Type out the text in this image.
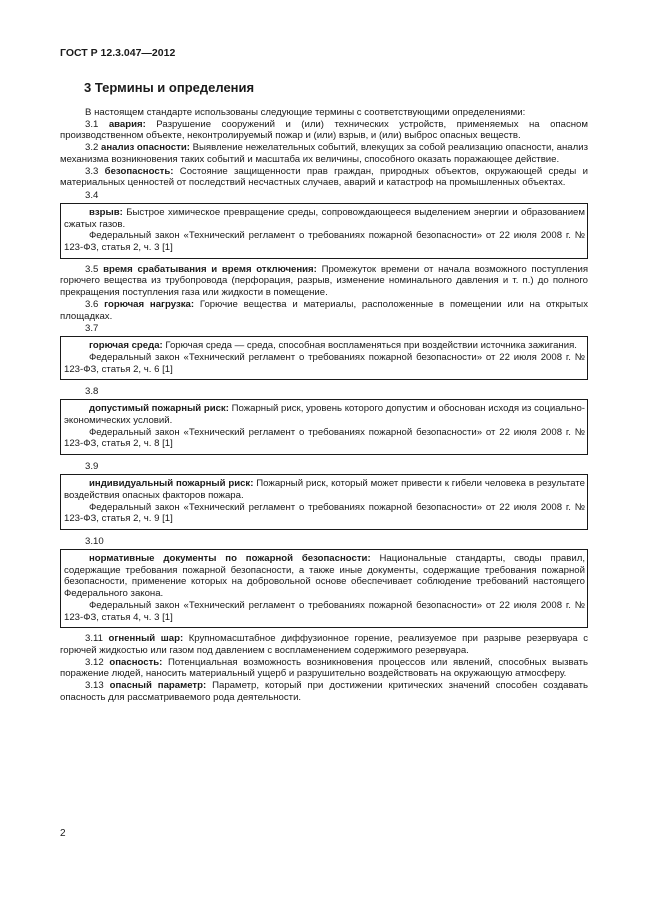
ГОСТ Р 12.3.047—2012
3 Термины и определения

В настоящем стандарте использованы следующие термины с соответствующими определениями:

3.1 авария: Разрушение сооружений и (или) технических устройств, применяемых на опасном производственном объекте, неконтролируемый пожар и (или) взрыв, и (или) выброс опасных веществ.

3.2 анализ опасности: Выявление нежелательных событий, влекущих за собой реализацию опасности, анализ механизма возникновения таких событий и масштаба их величины, способного оказать поражающее действие.

3.3 безопасность: Состояние защищенности прав граждан, природных объектов, окружающей среды и материальных ценностей от последствий несчастных случаев, аварий и катастроф на промышленных объектах.

3.4

взрыв: Быстрое химическое превращение среды, сопровождающееся выделением энергии и образованием сжатых газов.

Федеральный закон «Технический регламент о требованиях пожарной безопасности» от 22 июля 2008 г. № 123-ФЗ, статья 2, ч. 3 [1]

3.5 время срабатывания и время отключения: Промежуток времени от начала возможного поступления горючего вещества из трубопровода (перфорация, разрыв, изменение номинального давления и т. п.) до полного прекращения поступления газа или жидкости в помещение.

3.6 горючая нагрузка: Горючие вещества и материалы, расположенные в помещении или на открытых площадках.

3.7

горючая среда: Горючая среда — среда, способная воспламеняться при воздействии источника зажигания.

Федеральный закон «Технический регламент о требованиях пожарной безопасности» от 22 июля 2008 г. № 123-ФЗ, статья 2, ч. 6 [1]

3.8

допустимый пожарный риск: Пожарный риск, уровень которого допустим и обоснован исходя из социально-экономических условий.

Федеральный закон «Технический регламент о требованиях пожарной безопасности» от 22 июля 2008 г. № 123-ФЗ, статья 2, ч. 8 [1]

3.9

индивидуальный пожарный риск: Пожарный риск, который может привести к гибели человека в результате воздействия опасных факторов пожара.

Федеральный закон «Технический регламент о требованиях пожарной безопасности» от 22 июля 2008 г. № 123-ФЗ, статья 2, ч. 9 [1]

3.10

нормативные документы по пожарной безопасности: Национальные стандарты, своды правил, содержащие требования пожарной безопасности, а также иные документы, содержащие требования пожарной безопасности, применение которых на добровольной основе обеспечивает соблюдение требований настоящего Федерального закона.

Федеральный закон «Технический регламент о требованиях пожарной безопасности» от 22 июля 2008 г. № 123-ФЗ, статья 4, ч. 3 [1]

3.11 огненный шар: Крупномасштабное диффузионное горение, реализуемое при разрыве резервуара с горючей жидкостью или газом под давлением с воспламенением содержимого резервуара.

3.12 опасность: Потенциальная возможность возникновения процессов или явлений, способных вызвать поражение людей, наносить материальный ущерб и разрушительно воздействовать на окружающую атмосферу.

3.13 опасный параметр: Параметр, который при достижении критических значений способен создавать опасность для рассматриваемого рода деятельности.

2
